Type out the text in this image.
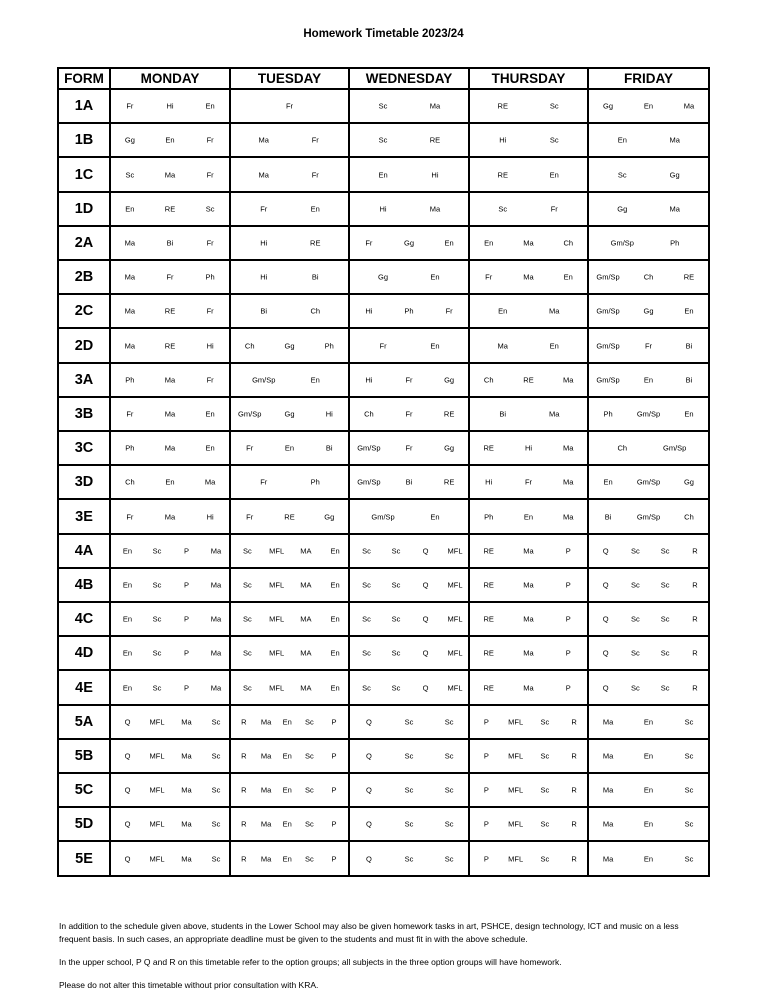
Homework Timetable 2023/24
FORM	MONDAY	TUESDAY	WEDNESDAY	THURSDAY	FRIDAY
1A	Fr Hi En	Fr	Sc Ma	RE Sc	Gg En Ma

1B	Gg En Fr	Ma Fr	Sc RE	Hi Sc	En Ma

1C	Sc Ma Fr	Ma Fr	En Hi	RE En	Sc Gg

1D	En RE Sc	Fr En	Hi Ma	Sc Fr	Gg Ma

2A	Ma Bi Fr	Hi RE	Fr Gg En	En Ma Ch	Gm/Sp Ph

2B	Ma Fr Ph	Hi Bi	Gg En	Fr Ma En	Gm/Sp Ch RE

2C	Ma RE Fr	Bi Ch	Hi Ph Fr	En Ma	Gm/Sp Gg En

2D	Ma RE Hi	Ch Gg Ph	Fr En	Ma En	Gm/Sp Fr Bi

3A	Ph Ma Fr	Gm/Sp En	Hi Fr Gg	Ch RE Ma	Gm/Sp En Bi

3B	Fr Ma En	Gm/Sp Gg Hi	Ch Fr RE	Bi Ma	Ph Gm/Sp En

3C	Ph Ma En	Fr En Bi	Gm/Sp Fr Gg	RE Hi Ma	Ch Gm/Sp

3D	Ch En Ma	Fr Ph	Gm/Sp Bi RE	Hi Fr Ma	En Gm/Sp Gg

3E	Fr Ma Hi	Fr RE Gg	Gm/Sp En	Ph En Ma	Bi Gm/Sp Ch

4A	En Sc P Ma	Sc MFL MA En	Sc Sc Q MFL	RE Ma P	Q Sc Sc R

4B	En Sc P Ma	Sc MFL MA En	Sc Sc Q MFL	RE Ma P	Q Sc Sc R

4C	En Sc P Ma	Sc MFL MA En	Sc Sc Q MFL	RE Ma P	Q Sc Sc R

4D	En Sc P Ma	Sc MFL MA En	Sc Sc Q MFL	RE Ma P	Q Sc Sc R

4E	En Sc P Ma	Sc MFL MA En	Sc Sc Q MFL	RE Ma P	Q Sc Sc R

5A	Q MFL Ma Sc	R Ma En Sc P	Q Sc Sc	P MFL Sc R	Ma En Sc

5B	Q MFL Ma Sc	R Ma En Sc P	Q Sc Sc	P MFL Sc R	Ma En Sc

5C	Q MFL Ma Sc	R Ma En Sc P	Q Sc Sc	P MFL Sc R	Ma En Sc

5D	Q MFL Ma Sc	R Ma En Sc P	Q Sc Sc	P MFL Sc R	Ma En Sc

5E	Q MFL Ma Sc	R Ma En Sc P	Q Sc Sc	P MFL Sc R	Ma En Sc

In addition to the schedule given above, students in the Lower School may also be given homework tasks in art, PSHCE, design technology, ICT and music on a less frequent basis. In such cases, an appropriate deadline must be given to the students and must fit in with the above schedule.

In the upper school, P Q and R on this timetable refer to the option groups; all subjects in the three option groups will have homework.

Please do not alter this timetable without prior consultation with KRA.
